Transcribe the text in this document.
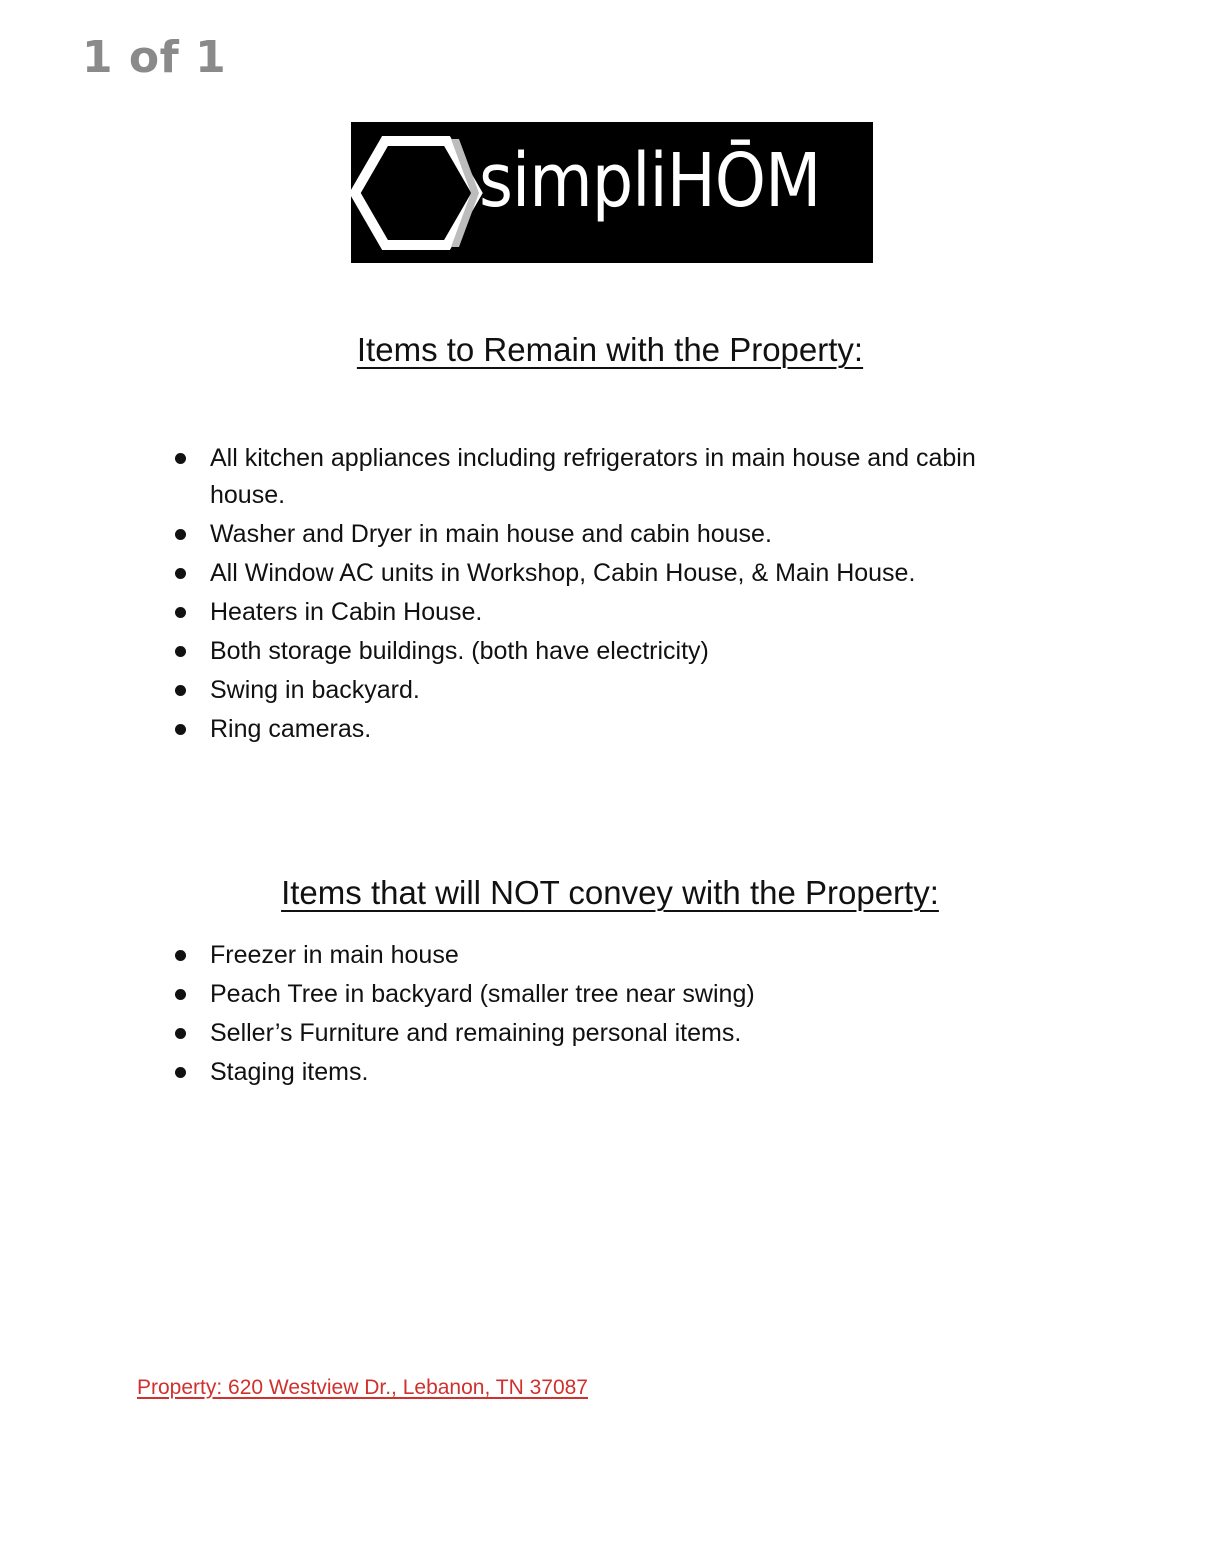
1 of 1
simpliHŌM
Items to Remain with the Property:
All kitchen appliances including refrigerators in main house and cabin house.
Washer and Dryer in main house and cabin house.
All Window AC units in Workshop, Cabin House, & Main House.
Heaters in Cabin House.
Both storage buildings. (both have electricity)
Swing in backyard.
Ring cameras.
Items that will NOT convey with the Property:
Freezer in main house
Peach Tree in backyard (smaller tree near swing)
Seller’s Furniture and remaining personal items.
Staging items.
Property: 620 Westview Dr., Lebanon, TN 37087
